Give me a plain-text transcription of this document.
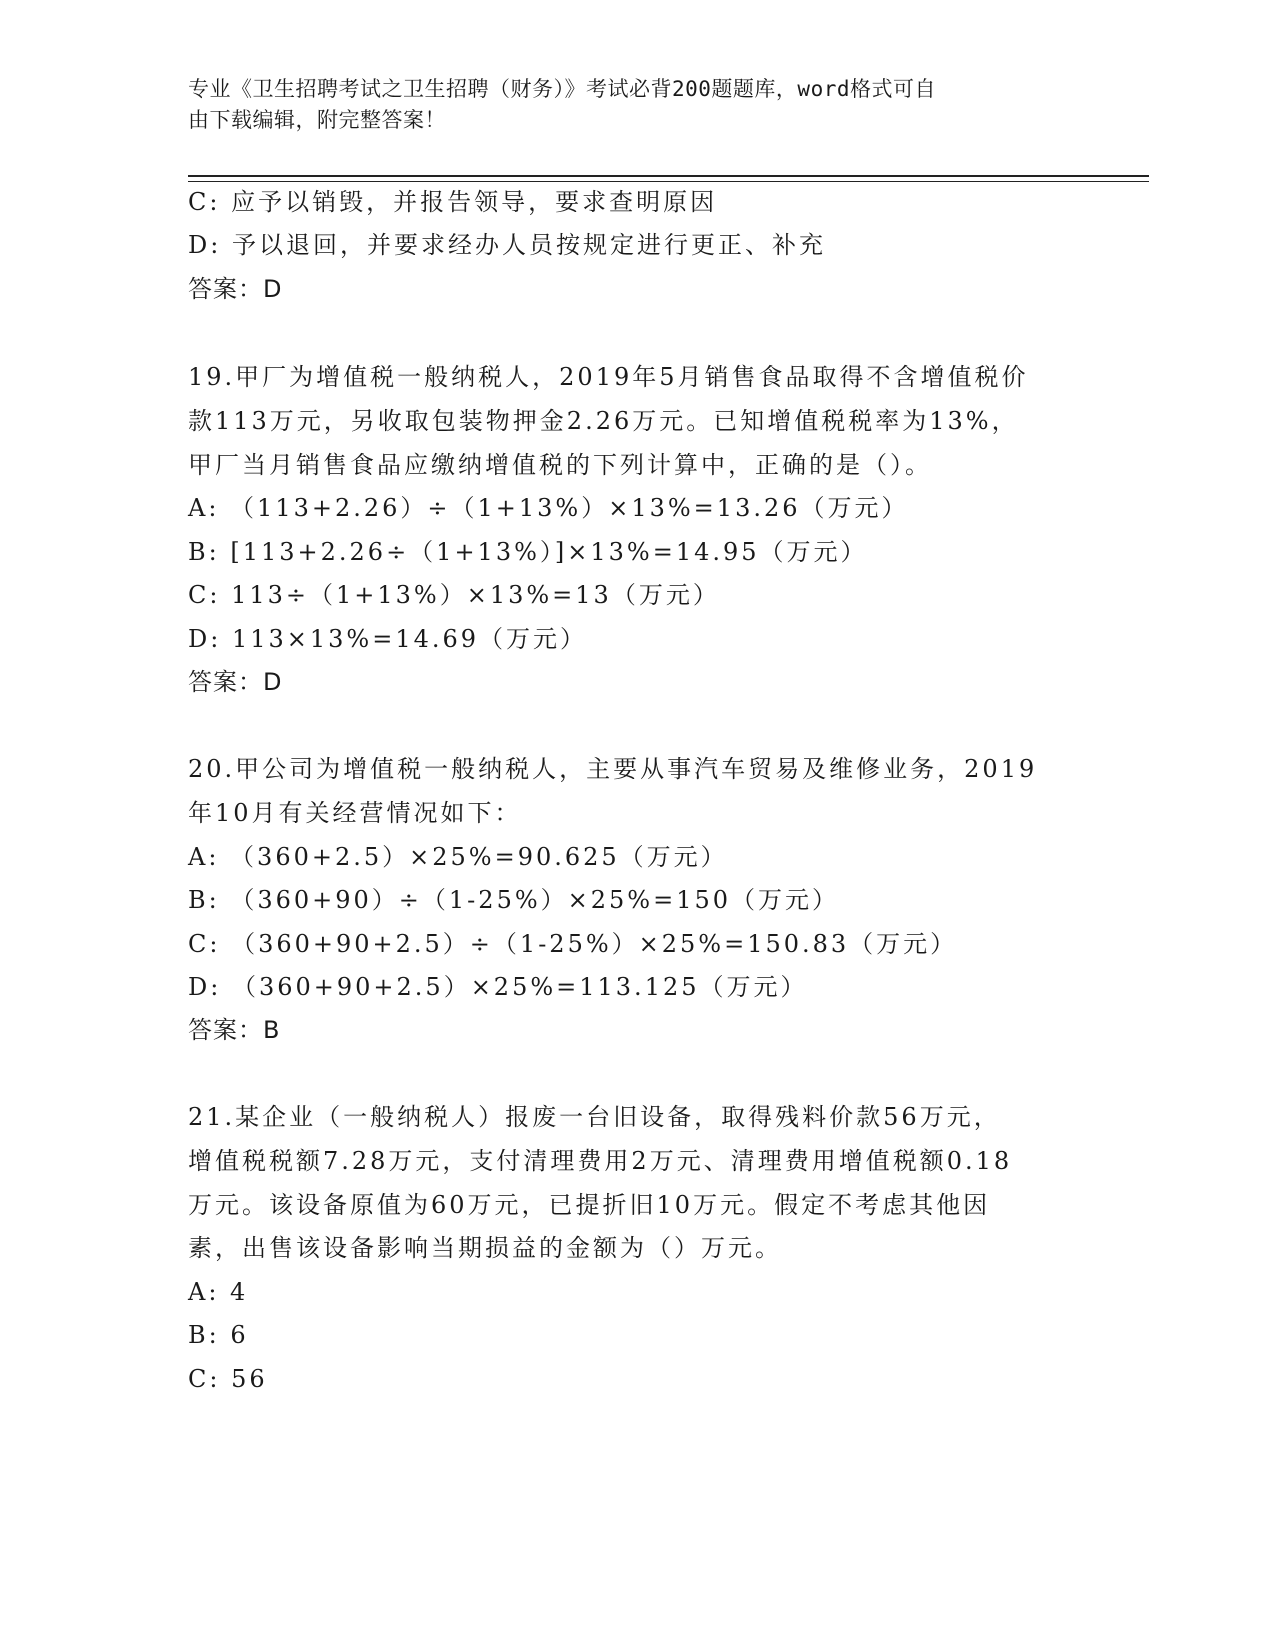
专业《卫生招聘考试之卫生招聘（财务）》考试必背200题题库，word格式可自
由下载编辑，附完整答案！
C: 应予以销毁，并报告领导，要求查明原因
D: 予以退回，并要求经办人员按规定进行更正、补充
答案：D
19.甲厂为增值税一般纳税人，2019年5月销售食品取得不含增值税价
款113万元，另收取包装物押金2.26万元。已知增值税税率为13%，
甲厂当月销售食品应缴纳增值税的下列计算中，正确的是（）。
A: （113+2.26）÷（1+13%）×13%=13.26（万元）
B: [113+2.26÷（1+13%）]×13%=14.95（万元）
C: 113÷（1+13%）×13%=13（万元）
D: 113×13%=14.69（万元）
答案：D
20.甲公司为增值税一般纳税人，主要从事汽车贸易及维修业务，2019
年10月有关经营情况如下：
A: （360+2.5）×25%=90.625（万元）
B: （360+90）÷（1-25%）×25%=150（万元）
C: （360+90+2.5）÷（1-25%）×25%=150.83（万元）
D: （360+90+2.5）×25%=113.125（万元）
答案：B
21.某企业（一般纳税人）报废一台旧设备，取得残料价款56万元，
增值税税额7.28万元，支付清理费用2万元、清理费用增值税额0.18
万元。该设备原值为60万元，已提折旧10万元。假定不考虑其他因
素，出售该设备影响当期损益的金额为（）万元。
A: 4
B: 6
C: 56
